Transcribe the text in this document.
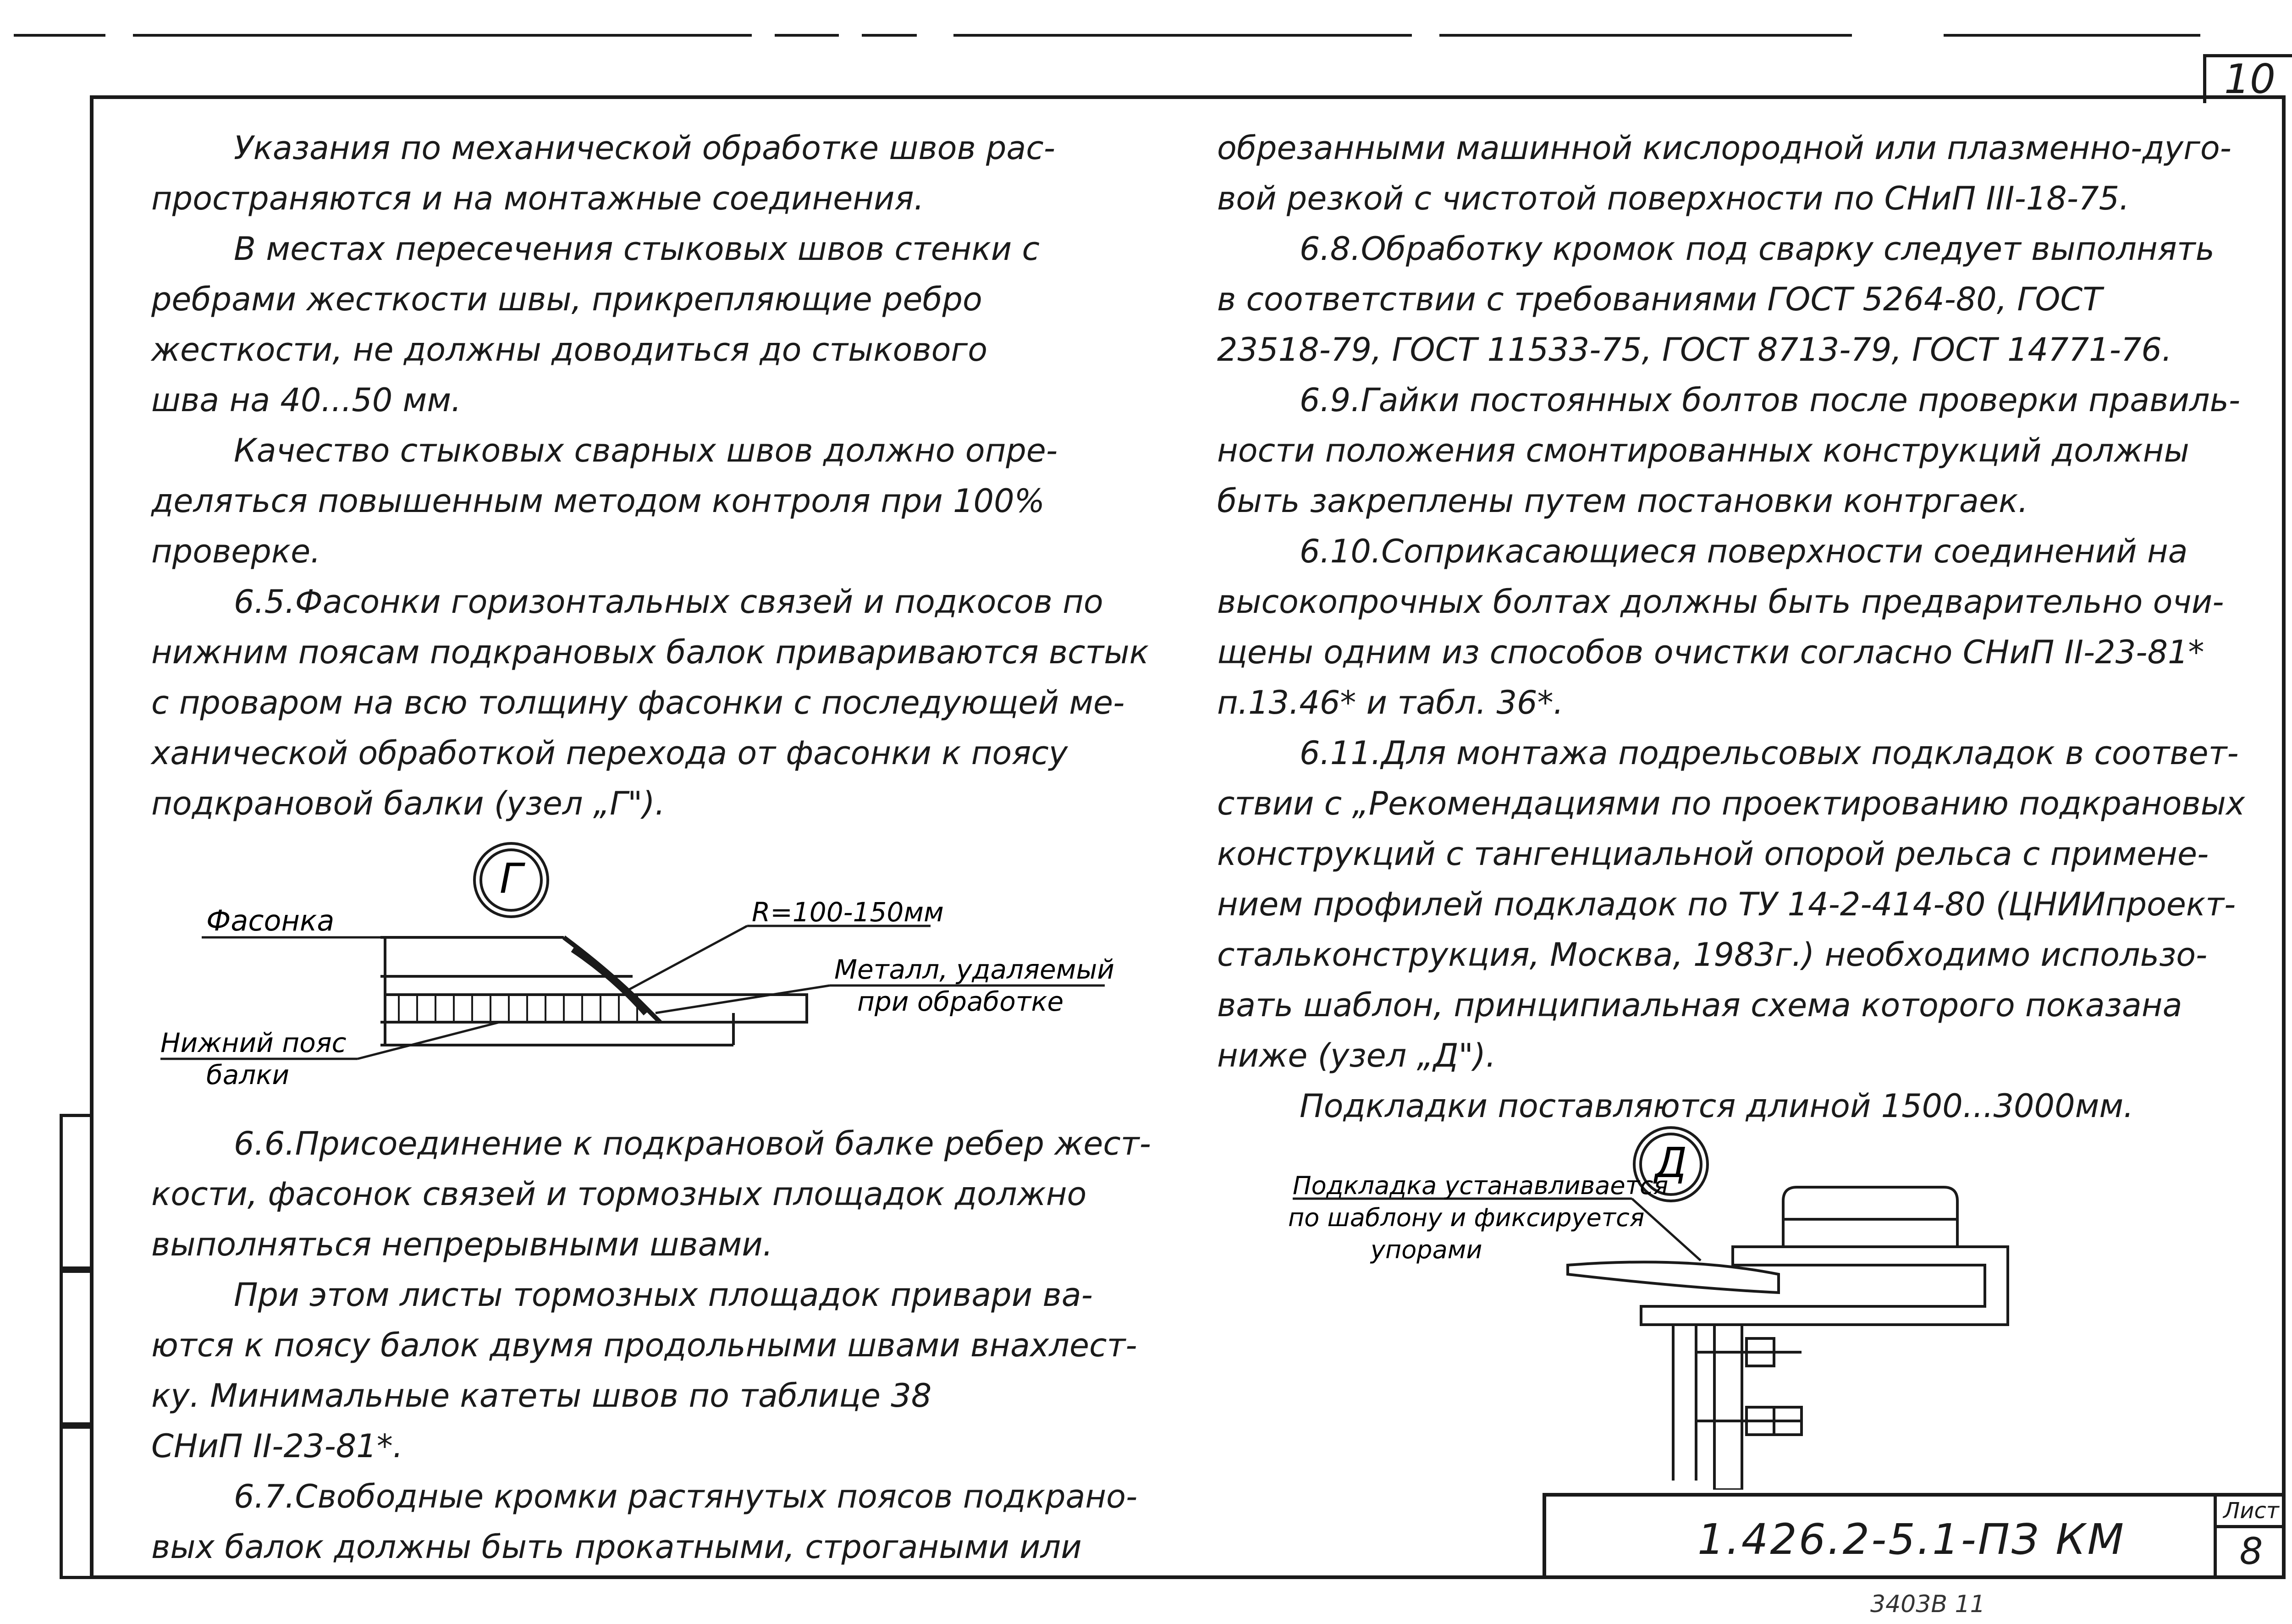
10

Указания по механической обработке швов рас-

пространяются и на монтажные соединения.

В местах пересечения стыковых швов стенки с

ребрами жесткости швы, прикрепляющие ребро

жесткости, не должны доводиться до стыкового

шва на 40...50 мм.

Качество стыковых сварных швов должно опре-

деляться повышенным методом контроля при 100%

проверке.

6.5.Фасонки горизонтальных связей и подкосов по

нижним поясам подкрановых балок привариваются встык

с проваром на всю толщину фасонки с последующей ме-

ханической обработкой перехода от фасонки к поясу

подкрановой балки (узел „Г").

Г
Фасонка	R=100-150мм
Металл, удаляемый
при обработке
Нижний пояс
балки

6.6.Присоединение к подкрановой балке ребер жест-

кости, фасонок связей и тормозных площадок должно

выполняться непрерывными швами.

При этом листы тормозных площадок привари ва-

ются к поясу балок двумя продольными швами внахлест-

ку. Минимальные катеты швов по таблице 38

СНиП II-23-81*.

6.7.Свободные кромки растянутых поясов подкрано-

вых балок должны быть прокатными, строгаными или

обрезанными машинной кислородной или плазменно-дуго-

вой резкой с чистотой поверхности по СНиП III-18-75.

6.8.Обработку кромок под сварку следует выполнять

в соответствии с требованиями ГОСТ 5264-80, ГОСТ

23518-79, ГОСТ 11533-75, ГОСТ 8713-79, ГОСТ 14771-76.

6.9.Гайки постоянных болтов после проверки правиль-

ности положения смонтированных конструкций должны

быть закреплены путем постановки контргаек.

6.10.Соприкасающиеся поверхности соединений на

высокопрочных болтах должны быть предварительно очи-

щены одним из способов очистки согласно СНиП II-23-81*

п.13.46* и табл. 36*.

6.11.Для монтажа подрельсовых подкладок в соответ-

ствии с „Рекомендациями по проектированию подкрановых

конструкций с тангенциальной опорой рельса с примене-

нием профилей подкладок по ТУ 14-2-414-80 (ЦНИИпроект-

стальконструкция, Москва, 1983г.) необходимо использо-

вать шаблон, принципиальная схема которого показана

ниже (узел „Д").

Подкладки поставляются длиной 1500...3000мм.

Д
Подкладка устанавливается
по шаблону и фиксируется
упорами
1.426.2-5.1-ПЗ КМ
Лист
8
3403В 11
